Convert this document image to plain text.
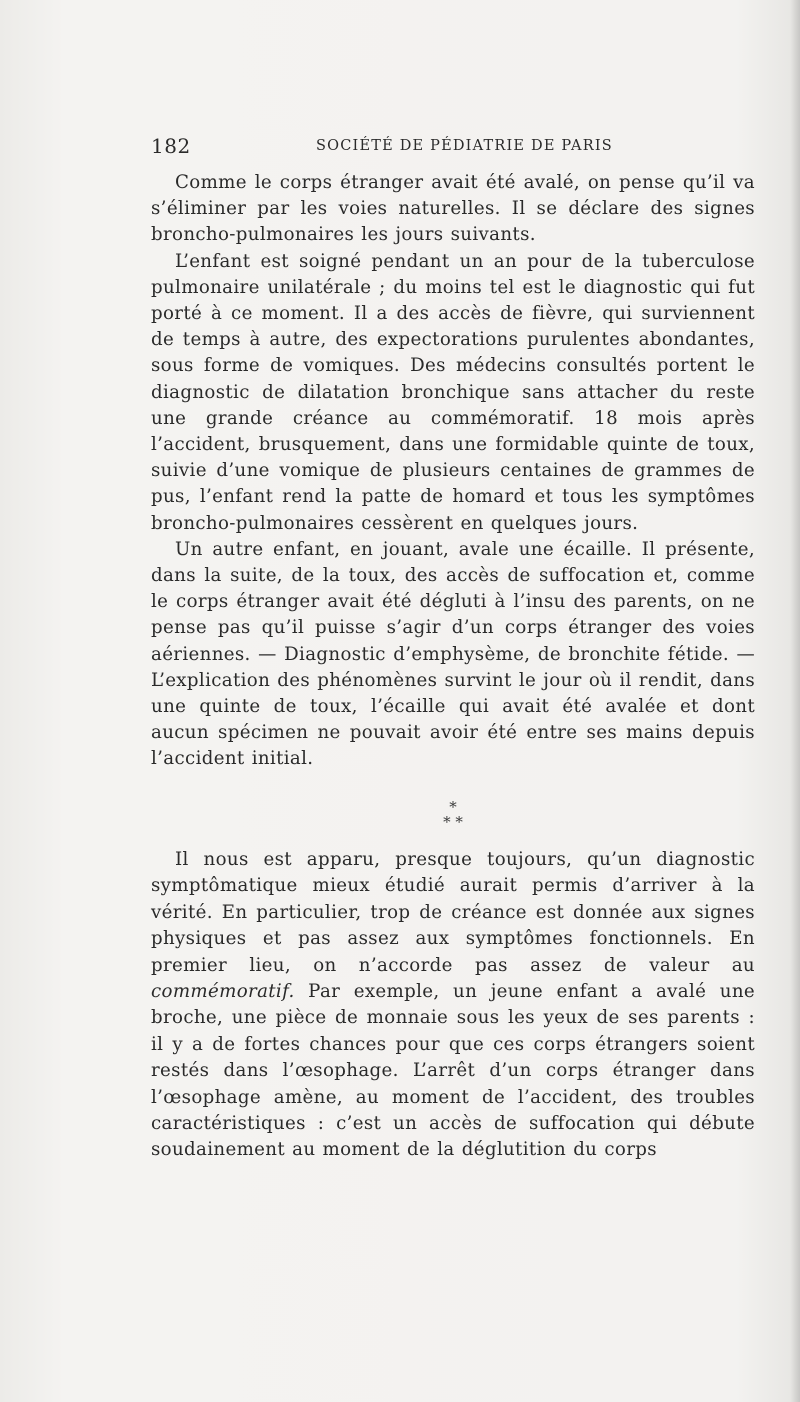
182	SOCIÉTÉ DE PÉDIATRIE DE PARIS

Comme le corps étranger avait été avalé, on pense qu’il va s’éliminer par les voies naturelles. Il se déclare des signes broncho-pulmonaires les jours suivants.

L’enfant est soigné pendant un an pour de la tuberculose pulmonaire unilatérale ; du moins tel est le diagnostic qui fut porté à ce moment. Il a des accès de fièvre, qui surviennent de temps à autre, des expectorations purulentes abondantes, sous forme de vomiques. Des médecins consultés portent le diagnostic de dilatation bronchique sans attacher du reste une grande créance au commémoratif. 18 mois après l’accident, brusquement, dans une formidable quinte de toux, suivie d’une vomique de plusieurs centaines de grammes de pus, l’enfant rend la patte de homard et tous les symptômes broncho-pulmonaires cessèrent en quelques jours.

Un autre enfant, en jouant, avale une écaille. Il présente, dans la suite, de la toux, des accès de suffocation et, comme le corps étranger avait été dégluti à l’insu des parents, on ne pense pas qu’il puisse s’agir d’un corps étranger des voies aériennes. — Diagnostic d’emphysème, de bronchite fétide. — L’explication des phénomènes survint le jour où il rendit, dans une quinte de toux, l’écaille qui avait été avalée et dont aucun spécimen ne pouvait avoir été entre ses mains depuis l’accident initial.

*
* *

Il nous est apparu, presque toujours, qu’un diagnostic symptômatique mieux étudié aurait permis d’arriver à la vérité. En particulier, trop de créance est donnée aux signes physiques et pas assez aux symptômes fonctionnels. En premier lieu, on n’accorde pas assez de valeur au commémoratif. Par exemple, un jeune enfant a avalé une broche, une pièce de monnaie sous les yeux de ses parents : il y a de fortes chances pour que ces corps étrangers soient restés dans l’œsophage. L’arrêt d’un corps étranger dans l’œsophage amène, au moment de l’accident, des troubles caractéristiques : c’est un accès de suffocation qui débute soudainement au moment de la déglutition du corps
